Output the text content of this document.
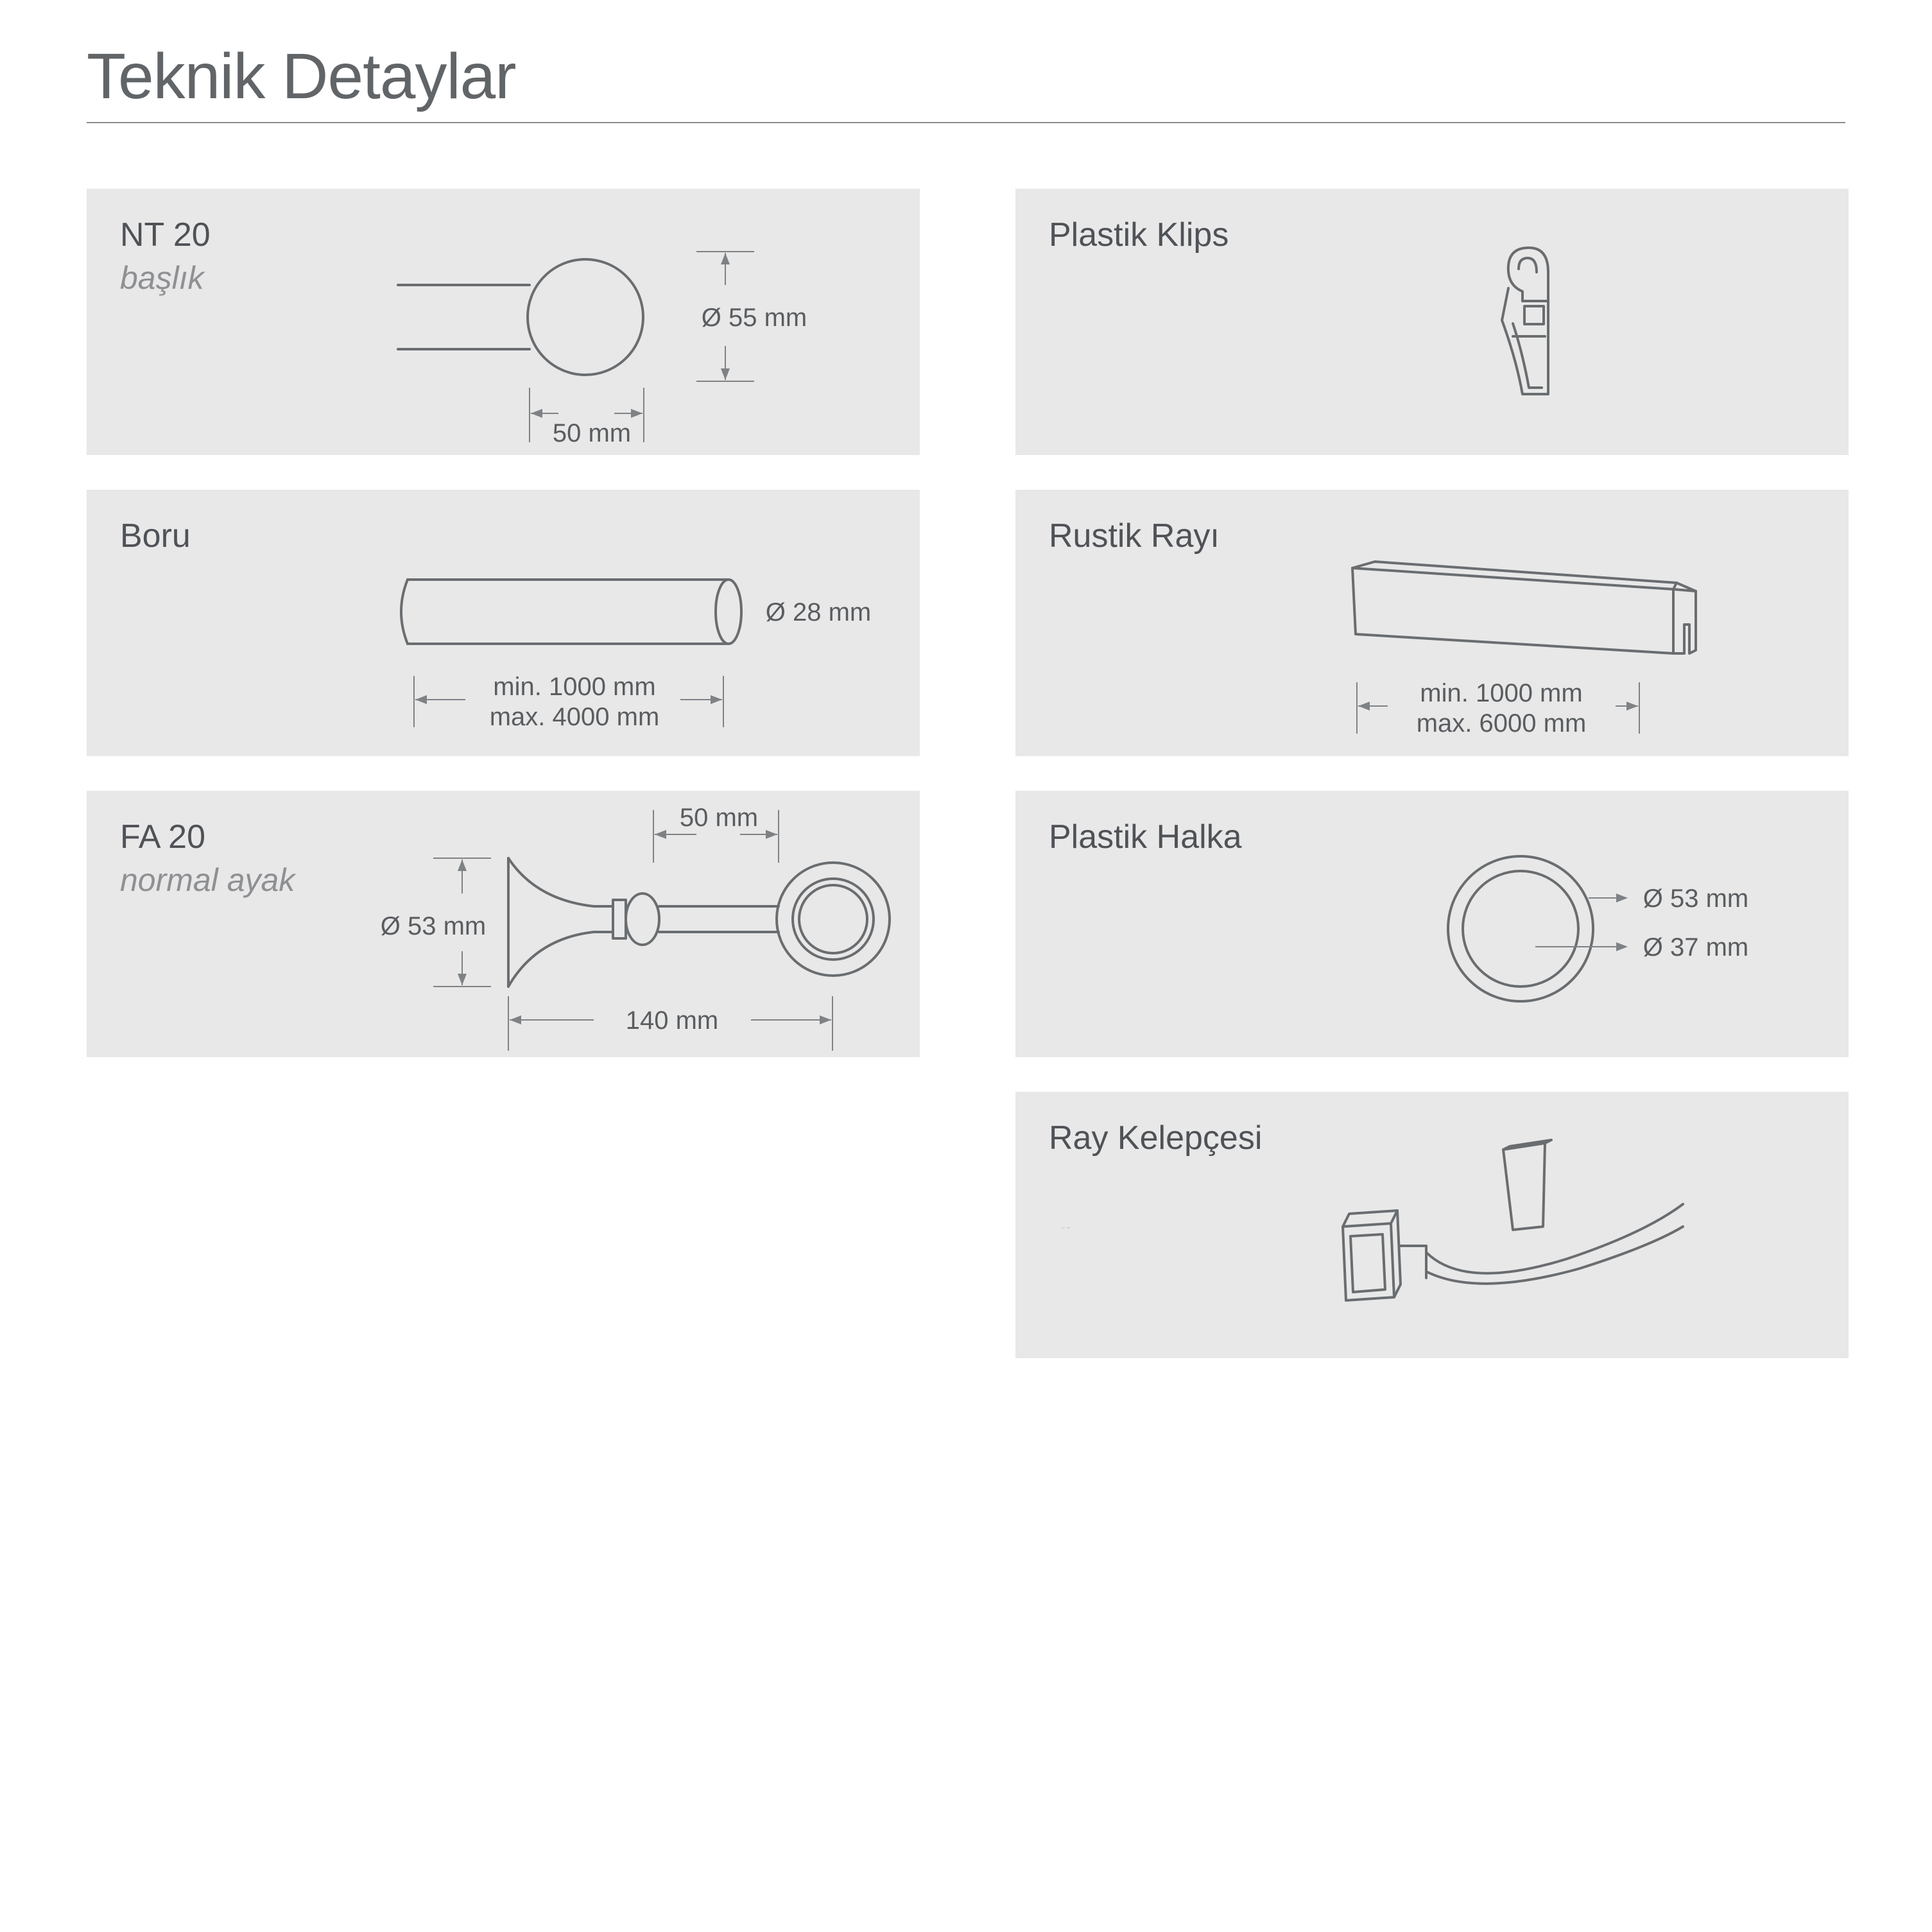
Teknik Detaylar
NT 20
başlık
Ø 55 mm
50 mm
Boru
Ø 28 mm
min. 1000 mm
max. 4000 mm
FA 20
normal ayak
50 mm
Ø 53 mm
140 mm
Plastik Klips
Rustik Rayı
min. 1000 mm
max. 6000 mm
Plastik Halka
Ø 53 mm
Ø 37 mm
Ray Kelepçesi
¨ ¨
